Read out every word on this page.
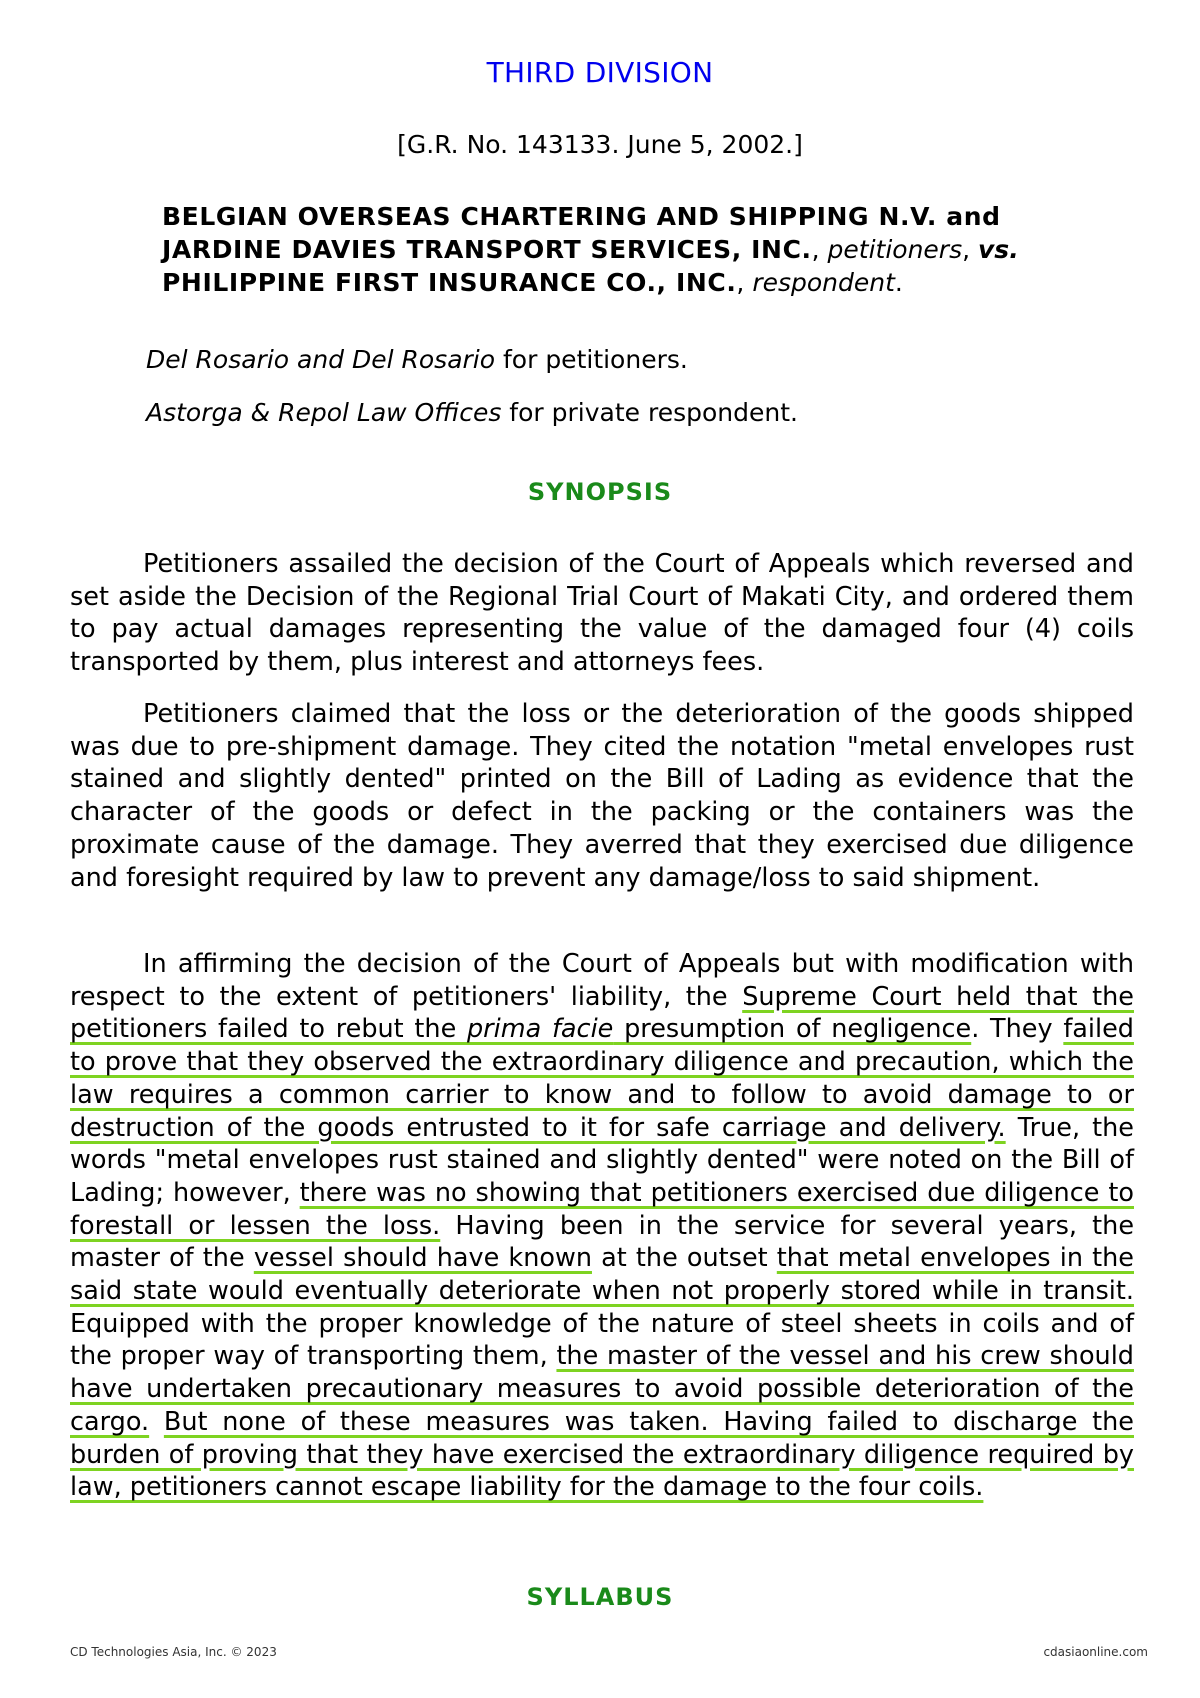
THIRD DIVISION
[G.R. No. 143133. June 5, 2002.]
BELGIAN OVERSEAS CHARTERING AND SHIPPING N.V. and JARDINE DAVIES TRANSPORT SERVICES, INC., petitioners, vs. PHILIPPINE FIRST INSURANCE CO., INC., respondent.
Del Rosario and Del Rosario for petitioners.
Astorga & Repol Law Offices for private respondent.
SYNOPSIS

Petitioners assailed the decision of the Court of Appeals which reversed and set aside the Decision of the Regional Trial Court of Makati City, and ordered them to pay actual damages representing the value of the damaged four (4) coils transported by them, plus interest and attorneys fees.

Petitioners claimed that the loss or the deterioration of the goods shipped was due to pre-shipment damage. They cited the notation "metal envelopes rust stained and slightly dented" printed on the Bill of Lading as evidence that the character of the goods or defect in the packing or the containers was the proximate cause of the damage. They averred that they exercised due diligence and foresight required by law to prevent any damage/loss to said shipment.

In affirming the decision of the Court of Appeals but with modification with respect to the extent of petitioners' liability, the Supreme Court held that the petitioners failed to rebut the prima facie presumption of negligence. They failed to prove that they observed the extraordinary diligence and precaution, which the law requires a common carrier to know and to follow to avoid damage to or destruction of the goods entrusted to it for safe carriage and delivery. True, the words "metal envelopes rust stained and slightly dented" were noted on the Bill of Lading; however, there was no showing that petitioners exercised due diligence to forestall or lessen the loss. Having been in the service for several years, the master of the vessel should have known at the outset that metal envelopes in the said state would eventually deteriorate when not properly stored while in transit. Equipped with the proper knowledge of the nature of steel sheets in coils and of the proper way of transporting them, the master of the vessel and his crew should have undertaken precautionary measures to avoid possible deterioration of the cargo. But none of these measures was taken. Having failed to discharge the burden of proving that they have exercised the extraordinary diligence required by law, petitioners cannot escape liability for the damage to the four coils.

SYLLABUS
CD Technologies Asia, Inc. © 2023	cdasiaonline.com
